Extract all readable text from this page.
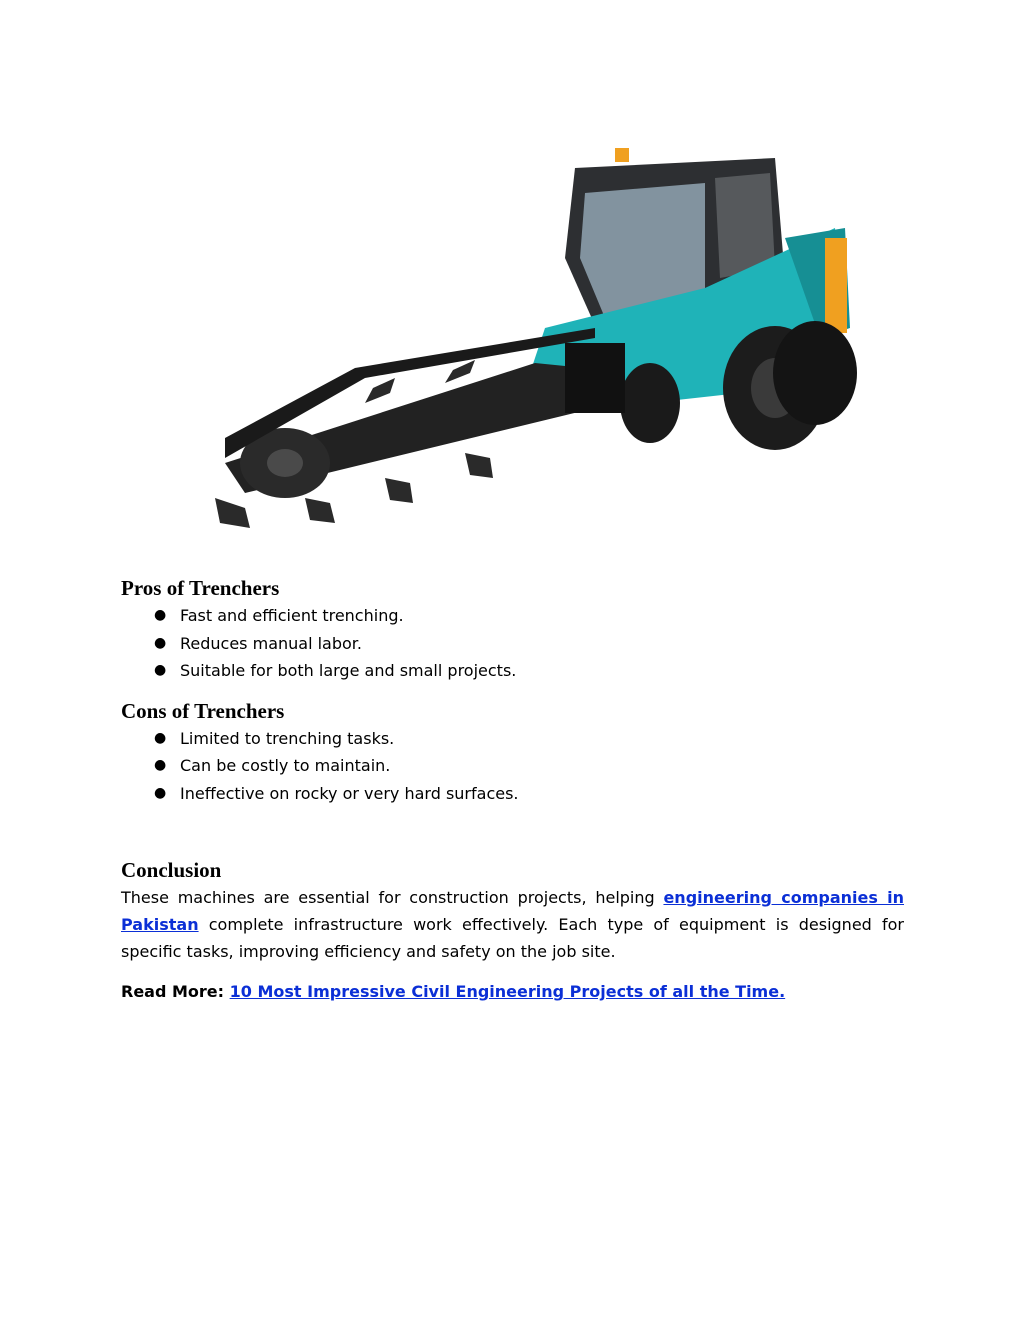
Pros of Trenchers
● Fast and efficient trenching.
● Reduces manual labor.
● Suitable for both large and small projects.
Cons of Trenchers
● Limited to trenching tasks.
● Can be costly to maintain.
● Ineffective on rocky or very hard surfaces.
Conclusion

These machines are essential for construction projects, helping engineering companies in Pakistan complete infrastructure work effectively. Each type of equipment is designed for specific tasks, improving efficiency and safety on the job site.

Read More: 10 Most Impressive Civil Engineering Projects of all the Time.
